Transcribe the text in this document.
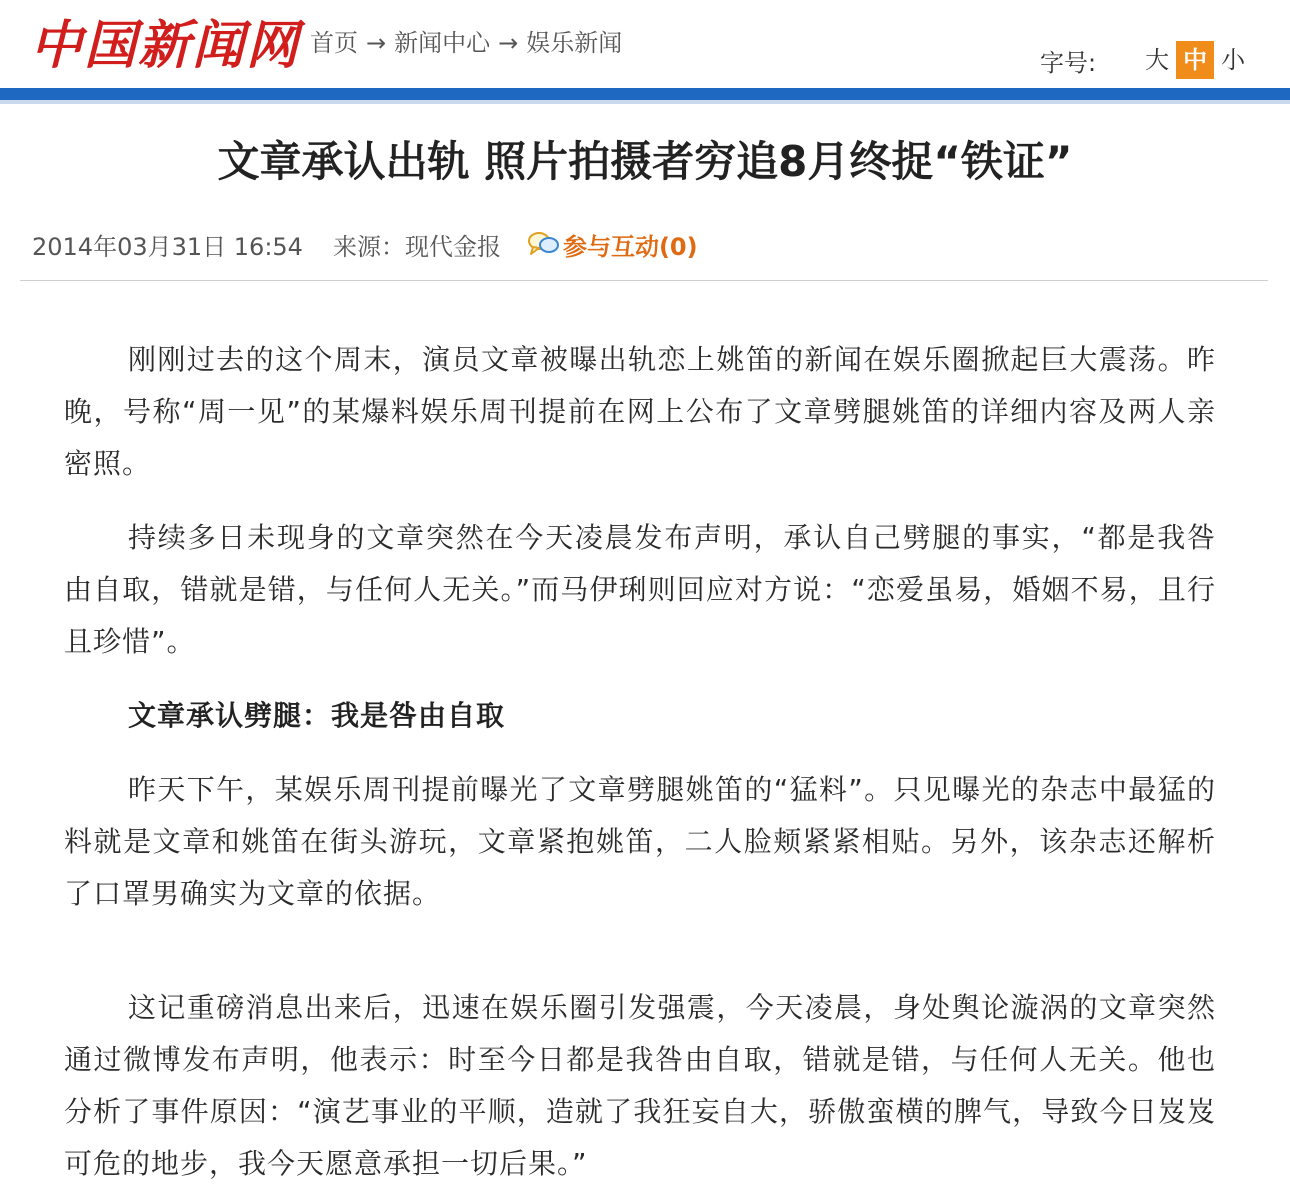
中国新闻网 首页 → 新闻中心 → 娱乐新闻
字号: 大 中 小
文章承认出轨 照片拍摄者穷追8月终捉“铁证”
2014年03月31日 16:54 来源：现代金报	参与互动(0)

刚刚过去的这个周末，演员文章被曝出轨恋上姚笛的新闻在娱乐圈掀起巨大震荡。昨晚，号称“周一见”的某爆料娱乐周刊提前在网上公布了文章劈腿姚笛的详细内容及两人亲密照。

持续多日未现身的文章突然在今天凌晨发布声明，承认自己劈腿的事实，“都是我咎由自取，错就是错，与任何人无关。”而马伊琍则回应对方说：“恋爱虽易，婚姻不易，且行且珍惜”。

文章承认劈腿：我是咎由自取

昨天下午，某娱乐周刊提前曝光了文章劈腿姚笛的“猛料”。只见曝光的杂志中最猛的料就是文章和姚笛在街头游玩，文章紧抱姚笛，二人脸颊紧紧相贴。另外，该杂志还解析了口罩男确实为文章的依据。

这记重磅消息出来后，迅速在娱乐圈引发强震，今天凌晨，身处舆论漩涡的文章突然通过微博发布声明，他表示：时至今日都是我咎由自取，错就是错，与任何人无关。他也分析了事件原因：“演艺事业的平顺，造就了我狂妄自大，骄傲蛮横的脾气，导致今日岌岌可危的地步，我今天愿意承担一切后果。”
